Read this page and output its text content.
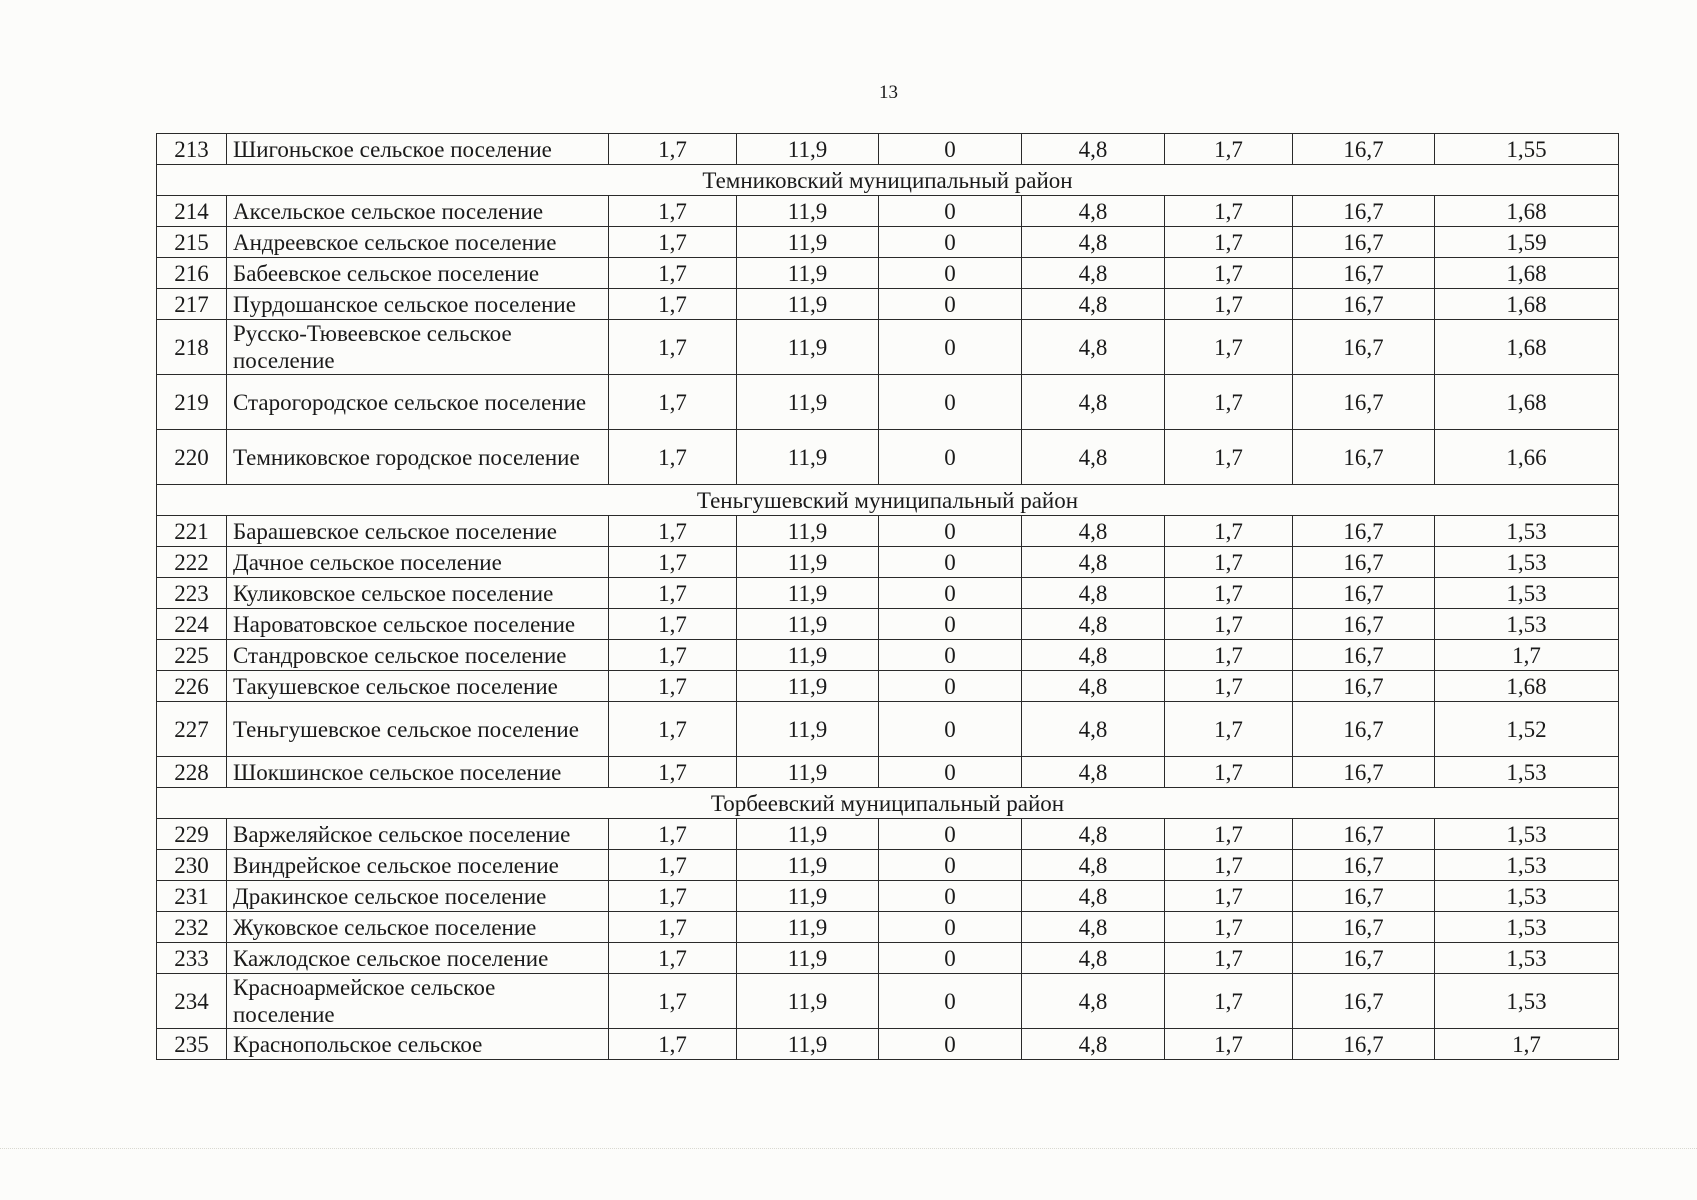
13
213	Шигоньское сельское поселение	1,7	11,9	0	4,8	1,7	16,7	1,55
Темниковский муниципальный район								
214	Аксельское сельское поселение	1,7	11,9	0	4,8	1,7	16,7	1,68
215	Андреевское сельское поселение	1,7	11,9	0	4,8	1,7	16,7	1,59
216	Бабеевское сельское поселение	1,7	11,9	0	4,8	1,7	16,7	1,68
217	Пурдошанское сельское поселение	1,7	11,9	0	4,8	1,7	16,7	1,68
218	Русско-Тювеевское сельское поселение	1,7	11,9	0	4,8	1,7	16,7	1,68
219	Старогородское сельское поселение	1,7	11,9	0	4,8	1,7	16,7	1,68
220	Темниковское городское поселение	1,7	11,9	0	4,8	1,7	16,7	1,66
Теньгушевский муниципальный район								
221	Барашевское сельское поселение	1,7	11,9	0	4,8	1,7	16,7	1,53
222	Дачное сельское поселение	1,7	11,9	0	4,8	1,7	16,7	1,53
223	Куликовское сельское поселение	1,7	11,9	0	4,8	1,7	16,7	1,53
224	Нароватовское сельское поселение	1,7	11,9	0	4,8	1,7	16,7	1,53
225	Стандровское сельское поселение	1,7	11,9	0	4,8	1,7	16,7	1,7
226	Такушевское сельское поселение	1,7	11,9	0	4,8	1,7	16,7	1,68
227	Теньгушевское сельское поселение	1,7	11,9	0	4,8	1,7	16,7	1,52
228	Шокшинское сельское поселение	1,7	11,9	0	4,8	1,7	16,7	1,53
Торбеевский муниципальный район								
229	Варжеляйское сельское поселение	1,7	11,9	0	4,8	1,7	16,7	1,53
230	Виндрейское сельское поселение	1,7	11,9	0	4,8	1,7	16,7	1,53
231	Дракинское сельское поселение	1,7	11,9	0	4,8	1,7	16,7	1,53
232	Жуковское сельское поселение	1,7	11,9	0	4,8	1,7	16,7	1,53
233	Кажлодское сельское поселение	1,7	11,9	0	4,8	1,7	16,7	1,53
234	Красноармейское сельское поселение	1,7	11,9	0	4,8	1,7	16,7	1,53
235	Краснопольское сельское	1,7	11,9	0	4,8	1,7	16,7	1,7
